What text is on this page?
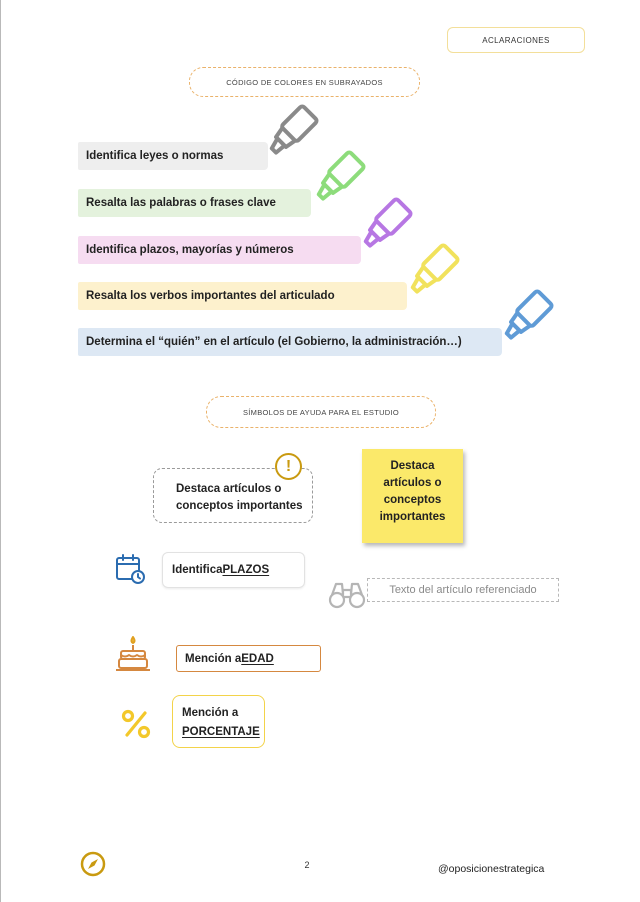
ACLARACIONES
CÓDIGO DE COLORES EN SUBRAYADOS
Identifica leyes o normas
Resalta las palabras o frases clave
Identifica plazos, mayorías y números
Resalta los verbos importantes del articulado
Determina el “quién” en el artículo (el Gobierno, la administración…)
SÍMBOLOS DE AYUDA PARA EL ESTUDIO
Destaca artículos o
conceptos importantes
!	Destaca
artículos o
conceptos
importantes
Identifica PLAZOS
Texto del artículo referenciado
Mención a EDAD
Mención a
PORCENTAJE
2	@oposicionestrategica
